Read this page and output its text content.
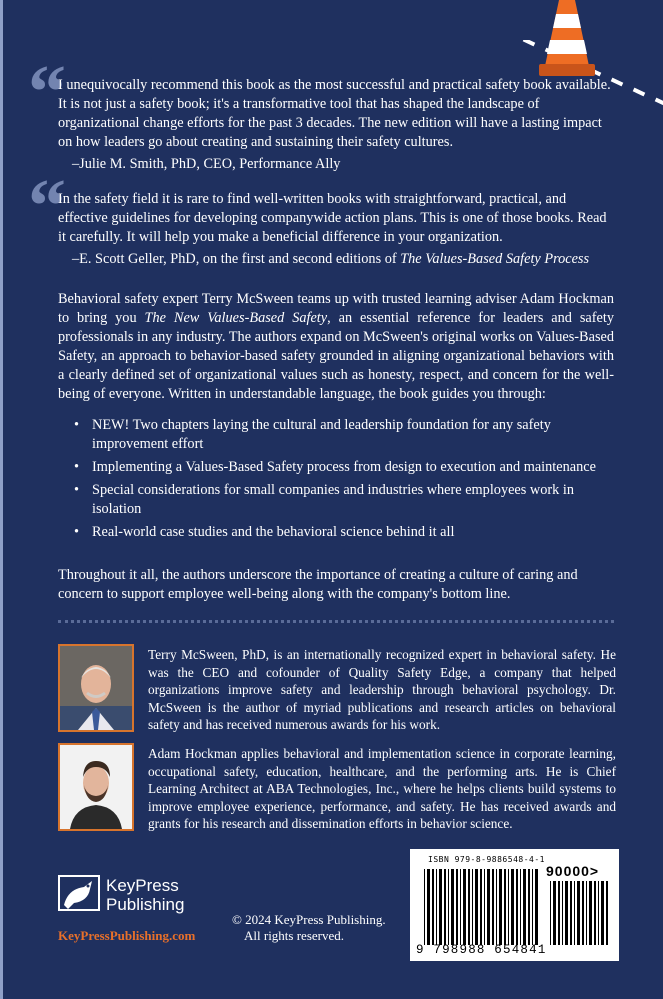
“

I unequivocally recommend this book as the most successful and practical safety book available. It is not just a safety book; it's a transformative tool that has shaped the landscape of organizational change efforts for the past 3 decades. The new edition will have a lasting impact on how leaders go about creating and sustaining their safety cultures.

–Julie M. Smith, PhD, CEO, Performance Ally
“

In the safety field it is rare to find well-written books with straightforward, practical, and effective guidelines for developing companywide action plans. This is one of those books. Read it carefully. It will help you make a beneficial difference in your organization.

–E. Scott Geller, PhD, on the first and second editions of The Values-Based Safety Process

Behavioral safety expert Terry McSween teams up with trusted learning adviser Adam Hockman to bring you The New Values-Based Safety, an essential reference for leaders and safety professionals in any industry. The authors expand on McSween's original works on Values-Based Safety, an approach to behavior-based safety grounded in aligning organizational behaviors with a clearly defined set of organizational values such as honesty, respect, and concern for the well-being of everyone. Written in understandable language, the book guides you through:

• NEW! Two chapters laying the cultural and leadership foundation for any safety improvement effort
• Implementing a Values-Based Safety process from design to execution and maintenance
• Special considerations for small companies and industries where employees work in isolation
• Real-world case studies and the behavioral science behind it all
Throughout it all, the authors underscore the importance of creating a culture of caring and concern to support employee well-being along with the company's bottom line.
Terry McSween, PhD, is an internationally recognized expert in behavioral safety. He was the CEO and cofounder of Quality Safety Edge, a company that helped organizations improve safety and leadership through behavioral psychology. Dr. McSween is the author of myriad publications and research articles on behavioral safety and has received numerous awards for his work.
Adam Hockman applies behavioral and implementation science in corporate learning, occupational safety, education, healthcare, and the performing arts. He is Chief Learning Architect at ABA Technologies, Inc., where he helps clients build systems to improve employee experience, performance, and safety. He has received awards and grants for his research and dissemination efforts in behavior science.
KeyPress
Publishing
KeyPressPublishing.com
© 2024 KeyPress Publishing.
All rights reserved.
ISBN 979-8-9886548-4-1
90000>
9 798988 654841
